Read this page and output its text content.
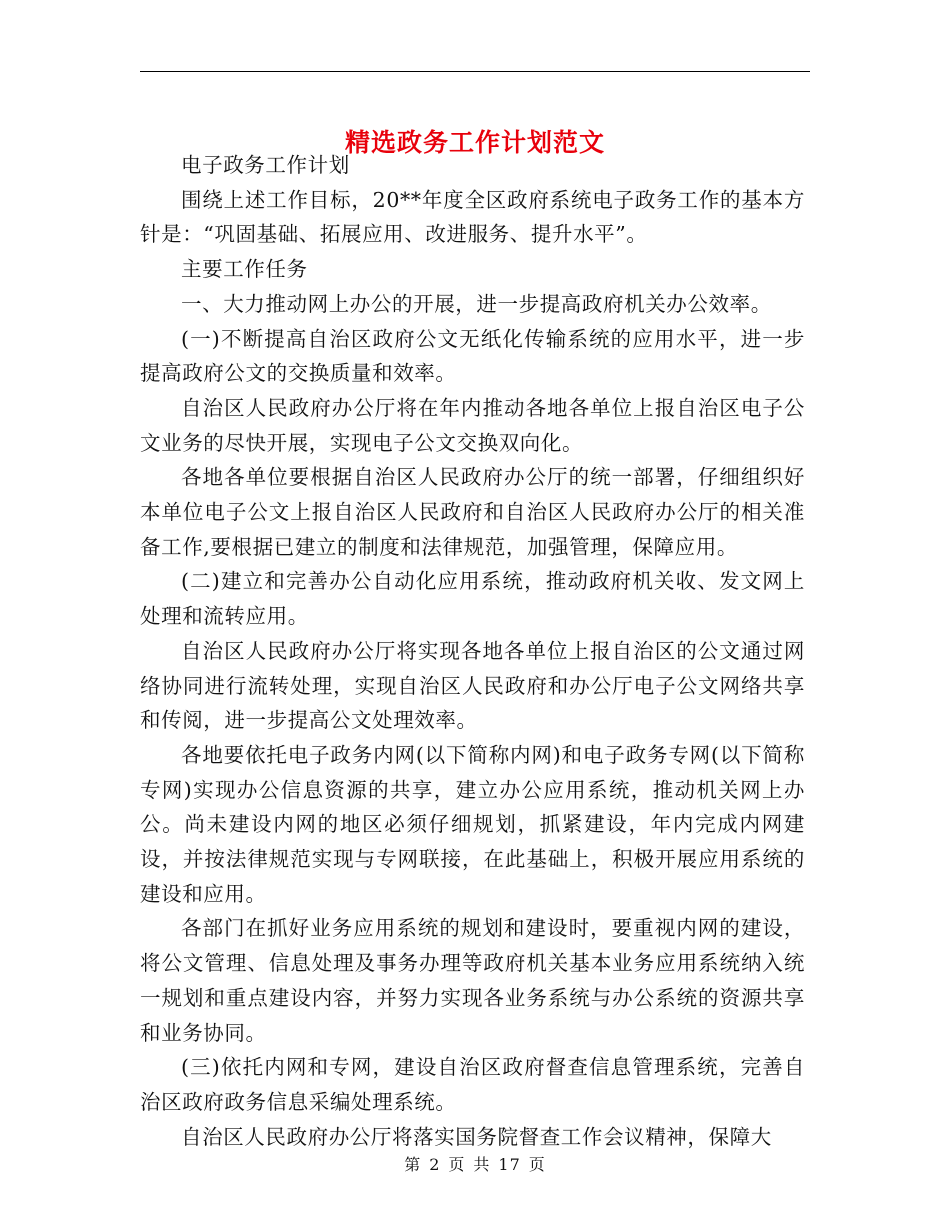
精选政务工作计划范文

电子政务工作计划

围绕上述工作目标，20**年度全区政府系统电子政务工作的基本方针是：“巩固基础、拓展应用、改进服务、提升水平”。

主要工作任务

一、大力推动网上办公的开展，进一步提高政府机关办公效率。

(一)不断提高自治区政府公文无纸化传输系统的应用水平，进一步提高政府公文的交换质量和效率。

自治区人民政府办公厅将在年内推动各地各单位上报自治区电子公文业务的尽快开展，实现电子公文交换双向化。

各地各单位要根据自治区人民政府办公厅的统一部署，仔细组织好本单位电子公文上报自治区人民政府和自治区人民政府办公厅的相关准备工作,要根据已建立的制度和法律规范，加强管理，保障应用。

(二)建立和完善办公自动化应用系统，推动政府机关收、发文网上处理和流转应用。

自治区人民政府办公厅将实现各地各单位上报自治区的公文通过网络协同进行流转处理，实现自治区人民政府和办公厅电子公文网络共享和传阅，进一步提高公文处理效率。

各地要依托电子政务内网(以下简称内网)和电子政务专网(以下简称专网)实现办公信息资源的共享，建立办公应用系统，推动机关网上办公。尚未建设内网的地区必须仔细规划，抓紧建设，年内完成内网建设，并按法律规范实现与专网联接，在此基础上，积极开展应用系统的建设和应用。

各部门在抓好业务应用系统的规划和建设时，要重视内网的建设，将公文管理、信息处理及事务办理等政府机关基本业务应用系统纳入统一规划和重点建设内容，并努力实现各业务系统与办公系统的资源共享和业务协同。

(三)依托内网和专网，建设自治区政府督查信息管理系统，完善自治区政府政务信息采编处理系统。

自治区人民政府办公厅将落实国务院督查工作会议精神，保障大

第 2 页 共 17 页
